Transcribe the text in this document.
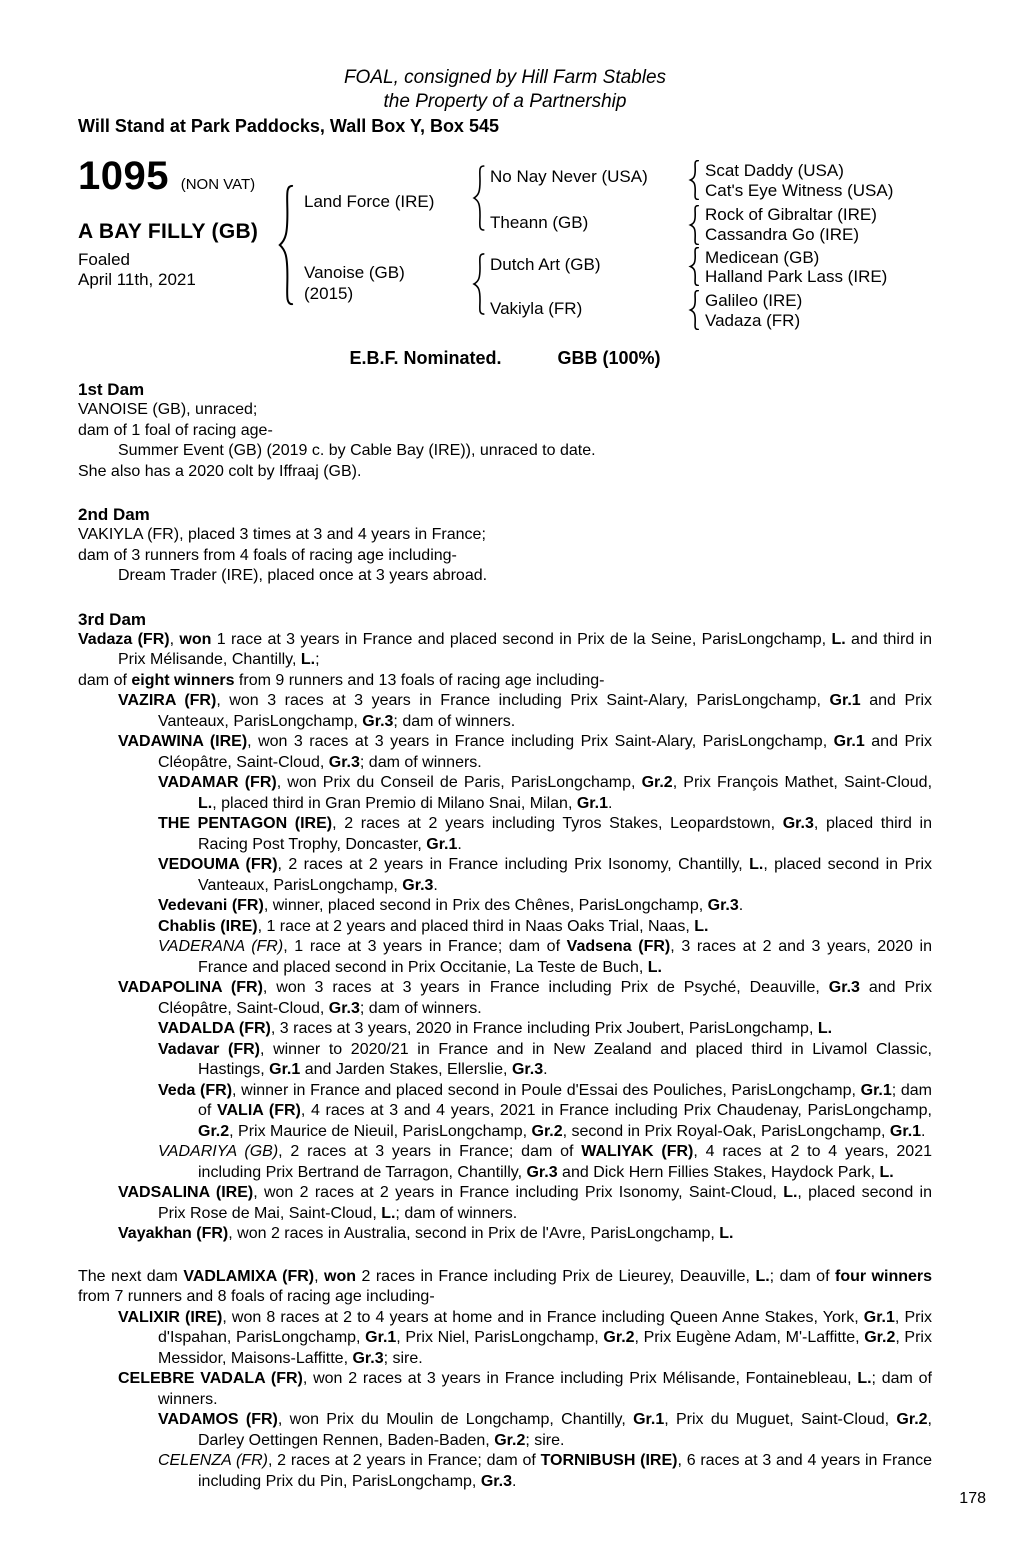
FOAL, consigned by Hill Farm Stables
the Property of a Partnership
Will Stand at Park Paddocks, Wall Box Y, Box 545
1095 (NON VAT)
A BAY FILLY (GB)
Foaled
April 11th, 2021
Land Force (IRE)
Vanoise (GB)
(2015)
No Nay Never (USA)
Theann (GB)
Dutch Art (GB)
Vakiyla (FR)
Scat Daddy (USA)
Cat's Eye Witness (USA)
Rock of Gibraltar (IRE)
Cassandra Go (IRE)
Medicean (GB)
Halland Park Lass (IRE)
Galileo (IRE)
Vadaza (FR)
E.B.F. Nominated.	GBB (100%)
1st Dam
VANOISE (GB), unraced;
dam of 1 foal of racing age-
Summer Event (GB) (2019 c. by Cable Bay (IRE)), unraced to date.
She also has a 2020 colt by Iffraaj (GB).
2nd Dam
VAKIYLA (FR), placed 3 times at 3 and 4 years in France;
dam of 3 runners from 4 foals of racing age including-
Dream Trader (IRE), placed once at 3 years abroad.
3rd Dam
Vadaza (FR), won 1 race at 3 years in France and placed second in Prix de la Seine, ParisLongchamp, L. and third in Prix Mélisande, Chantilly, L.;
dam of eight winners from 9 runners and 13 foals of racing age including-
VAZIRA (FR), won 3 races at 3 years in France including Prix Saint-Alary, ParisLongchamp, Gr.1 and Prix Vanteaux, ParisLongchamp, Gr.3; dam of winners.
VADAWINA (IRE), won 3 races at 3 years in France including Prix Saint-Alary, ParisLongchamp, Gr.1 and Prix Cléopâtre, Saint-Cloud, Gr.3; dam of winners.
VADAMAR (FR), won Prix du Conseil de Paris, ParisLongchamp, Gr.2, Prix François Mathet, Saint-Cloud, L., placed third in Gran Premio di Milano Snai, Milan, Gr.1.
THE PENTAGON (IRE), 2 races at 2 years including Tyros Stakes, Leopardstown, Gr.3, placed third in Racing Post Trophy, Doncaster, Gr.1.
VEDOUMA (FR), 2 races at 2 years in France including Prix Isonomy, Chantilly, L., placed second in Prix Vanteaux, ParisLongchamp, Gr.3.
Vedevani (FR), winner, placed second in Prix des Chênes, ParisLongchamp, Gr.3.
Chablis (IRE), 1 race at 2 years and placed third in Naas Oaks Trial, Naas, L.
VADERANA (FR), 1 race at 3 years in France; dam of Vadsena (FR), 3 races at 2 and 3 years, 2020 in France and placed second in Prix Occitanie, La Teste de Buch, L.
VADAPOLINA (FR), won 3 races at 3 years in France including Prix de Psyché, Deauville, Gr.3 and Prix Cléopâtre, Saint-Cloud, Gr.3; dam of winners.
VADALDA (FR), 3 races at 3 years, 2020 in France including Prix Joubert, ParisLongchamp, L.
Vadavar (FR), winner to 2020/21 in France and in New Zealand and placed third in Livamol Classic, Hastings, Gr.1 and Jarden Stakes, Ellerslie, Gr.3.
Veda (FR), winner in France and placed second in Poule d'Essai des Pouliches, ParisLongchamp, Gr.1; dam of VALIA (FR), 4 races at 3 and 4 years, 2021 in France including Prix Chaudenay, ParisLongchamp, Gr.2, Prix Maurice de Nieuil, ParisLongchamp, Gr.2, second in Prix Royal-Oak, ParisLongchamp, Gr.1.
VADARIYA (GB), 2 races at 3 years in France; dam of WALIYAK (FR), 4 races at 2 to 4 years, 2021 including Prix Bertrand de Tarragon, Chantilly, Gr.3 and Dick Hern Fillies Stakes, Haydock Park, L.
VADSALINA (IRE), won 2 races at 2 years in France including Prix Isonomy, Saint-Cloud, L., placed second in Prix Rose de Mai, Saint-Cloud, L.; dam of winners.
Vayakhan (FR), won 2 races in Australia, second in Prix de l'Avre, ParisLongchamp, L.
The next dam VADLAMIXA (FR), won 2 races in France including Prix de Lieurey, Deauville, L.; dam of four winners from 7 runners and 8 foals of racing age including-
VALIXIR (IRE), won 8 races at 2 to 4 years at home and in France including Queen Anne Stakes, York, Gr.1, Prix d'Ispahan, ParisLongchamp, Gr.1, Prix Niel, ParisLongchamp, Gr.2, Prix Eugène Adam, M'-Laffitte, Gr.2, Prix Messidor, Maisons-Laffitte, Gr.3; sire.
CELEBRE VADALA (FR), won 2 races at 3 years in France including Prix Mélisande, Fontainebleau, L.; dam of winners.
VADAMOS (FR), won Prix du Moulin de Longchamp, Chantilly, Gr.1, Prix du Muguet, Saint-Cloud, Gr.2, Darley Oettingen Rennen, Baden-Baden, Gr.2; sire.
CELENZA (FR), 2 races at 2 years in France; dam of TORNIBUSH (IRE), 6 races at 3 and 4 years in France including Prix du Pin, ParisLongchamp, Gr.3.
178
